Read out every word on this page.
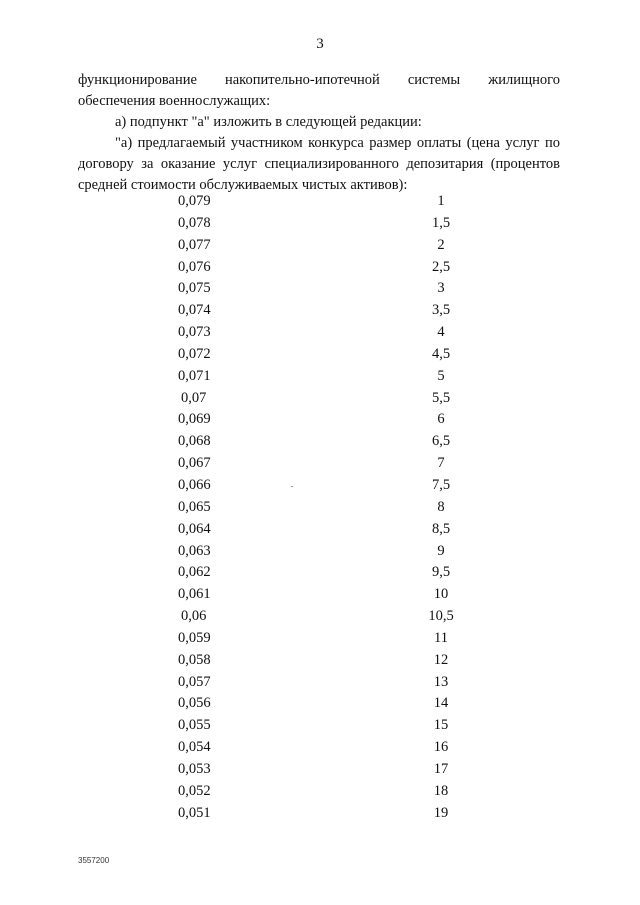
3
функционирование накопительно-ипотечной системы жилищного
обеспечения военнослужащих:
а) подпункт "а" изложить в следующей редакции:
"а) предлагаемый участником конкурса размер оплаты (цена услуг по
договору за оказание услуг специализированного депозитария (процентов
средней стоимости обслуживаемых чистых активов):
0,079	1
0,078	1,5
0,077	2
0,076	2,5
0,075	3
0,074	3,5
0,073	4
0,072	4,5
0,071	5
0,07	5,5
0,069	6
0,068	6,5
0,067	7
0,066	7,5
0,065	8
0,064	8,5
0,063	9
0,062	9,5
0,061	10
0,06	10,5
0,059	11
0,058	12
0,057	13
0,056	14
0,055	15
0,054	16
0,053	17
0,052	18
0,051	19
3557200
